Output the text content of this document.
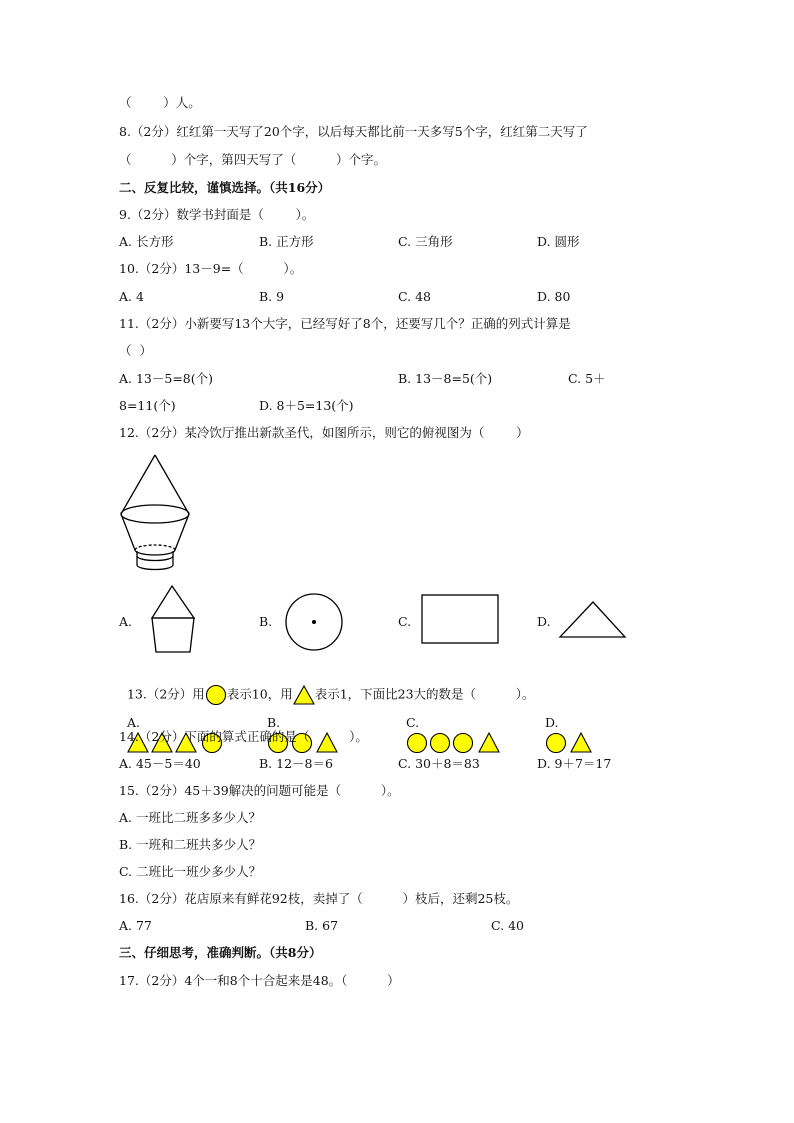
（        ）人。
8.（2分）红红第一天写了20个字，以后每天都比前一天多写5个字，红红第二天写了
（          ）个字，第四天写了（          ）个字。
二、反复比较，谨慎选择。（共16分）
9.（2分）数学书封面是（        ）。
A. 长方形	B. 正方形	C. 三角形	D. 圆形
10.（2分）13－9=（          ）。
A. 4	B. 9	C. 48	D. 80
11.（2分）小新要写13个大字，已经写好了8个，还要写几个？正确的列式计算是
（  ）
A. 13－5=8(个)	B. 13－8=5(个)	C. 5＋
8=11(个)	D. 8＋5=13(个)
12.（2分）某冷饮厅推出新款圣代，如图所示，则它的俯视图为（        ）
A.	B.	C.	D.

13.（2分）用 表示10，用 表示1，下面比23大的数是（          ）。

A.
	B.
	C.
	D.

14.（2分）下面的算式正确的是（          ）。
A. 45－5＝40	B. 12－8＝6	C. 30＋8＝83	D. 9＋7＝17
15.（2分）45＋39解决的问题可能是（          ）。
A. 一班比二班多多少人？
B. 一班和二班共多少人？
C. 二班比一班少多少人？
16.（2分）花店原来有鲜花92枝，卖掉了（          ）枝后，还剩25枝。
A. 77	B. 67	C. 40
三、仔细思考，准确判断。（共8分）
17.（2分）4个一和8个十合起来是48。（          ）
